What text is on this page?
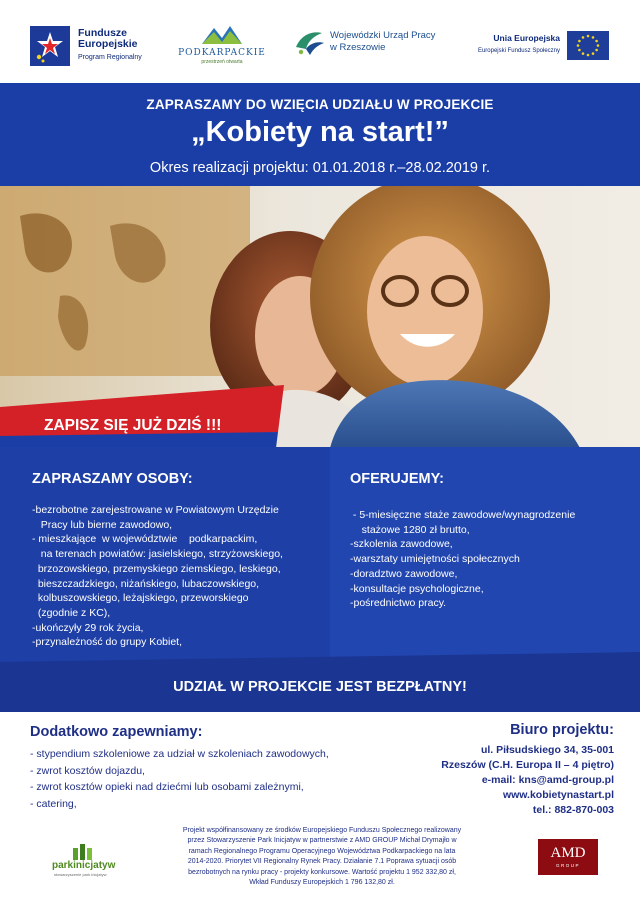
Fundusze
Europejskie
Program Regionalny	PODKARPACKIE
przestrzeń otwarta
Wojewódzki Urząd Pracy
w Rzeszowie
Unia Europejska
Europejski Fundusz Społeczny
ZAPRASZAMY DO WZIĘCIA UDZIAŁU W PROJEKCIE
„Kobiety na start!”
Okres realizacji projektu: 01.01.2018 r.–28.02.2019 r.
ZAPISZ SIĘ JUŻ DZIŚ !!!
ZAPRASZAMY OSOBY:
-bezrobotne zarejestrowane w Powiatowym Urzędzie
Pracy lub bierne zawodowo,
- mieszkające  w województwie    podkarpackim,
na terenach powiatów: jasielskiego, strzyżowskiego,
brzozowskiego, przemyskiego ziemskiego, leskiego,
bieszczadzkiego, niżańskiego, lubaczowskiego,
kolbuszowskiego, leżajskiego, przeworskiego
(zgodnie z KC),
-ukończyły 29 rok życia,
-przynależność do grupy Kobiet,
OFERUJEMY:
- 5-miesięczne staże zawodowe/wynagrodzenie
stażowe 1280 zł brutto,
-szkolenia zawodowe,
-warsztaty umiejętności społecznych
-doradztwo zawodowe,
-konsultacje psychologiczne,
-pośrednictwo pracy.
UDZIAŁ W PROJEKCIE JEST BEZPŁATNY!
Dodatkowo zapewniamy:
- stypendium szkoleniowe za udział w szkoleniach zawodowych,
- zwrot kosztów dojazdu,
- zwrot kosztów opieki nad dziećmi lub osobami zależnymi,
- catering,
Biuro projektu:
ul. Piłsudskiego 34, 35-001
Rzeszów (C.H. Europa II – 4 piętro)
e-mail: kns@amd-group.pl
www.kobietynastart.pl
tel.: 882-870-003
parkinicjatyw
stowarzyszenie park inicjatyw
Projekt współfinansowany ze środków Europejskiego Funduszu Społecznego realizowany
przez Stowarzyszenie Park Inicjatyw w partnerstwie z AMD GROUP Michał Drymajło w
ramach Regionalnego Programu Operacyjnego Województwa Podkarpackiego na lata
2014-2020. Priorytet VII Regionalny Rynek Pracy. Działanie 7.1 Poprawa sytuacji osób
bezrobotnych na rynku pracy - projekty konkursowe. Wartość projektu 1 952 332,80 zł,
Wkład Funduszy Europejskich 1 796 132,80 zł.
AMD
GROUP
